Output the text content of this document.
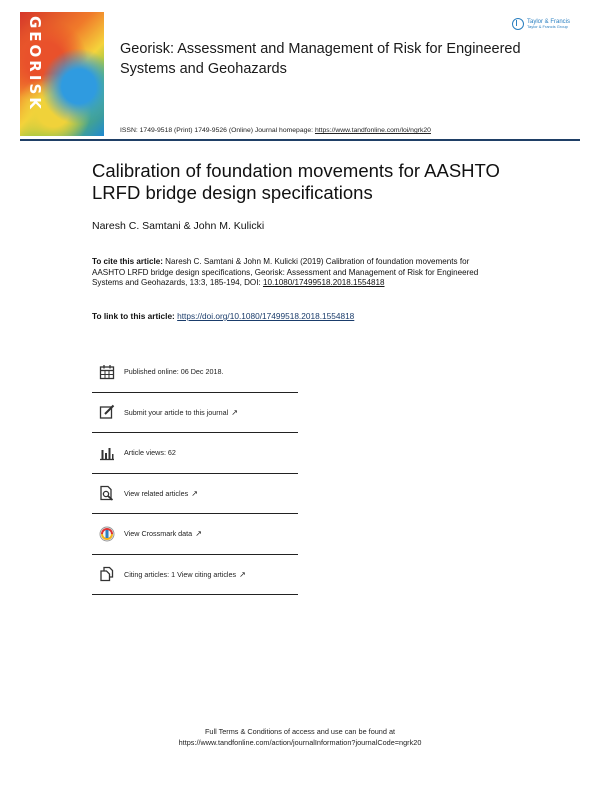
GEORISK	Taylor & Francis
Taylor & Francis Group
Georisk: Assessment and Management of Risk for Engineered Systems and Geohazards
ISSN: 1749-9518 (Print) 1749-9526 (Online) Journal homepage: https://www.tandfonline.com/loi/ngrk20
Calibration of foundation movements for AASHTO LRFD bridge design specifications
Naresh C. Samtani & John M. Kulicki
To cite this article: Naresh C. Samtani & John M. Kulicki (2019) Calibration of foundation movements for AASHTO LRFD bridge design specifications, Georisk: Assessment and Management of Risk for Engineered Systems and Geohazards, 13:3, 185-194, DOI: 10.1080/17499518.2018.1554818
To link to this article: https://doi.org/10.1080/17499518.2018.1554818
Published online: 06 Dec 2018.
Submit your article to this journal ↗
Article views: 62
View related articles ↗
View Crossmark data ↗
Citing articles: 1 View citing articles ↗
Full Terms & Conditions of access and use can be found at
https://www.tandfonline.com/action/journalInformation?journalCode=ngrk20
